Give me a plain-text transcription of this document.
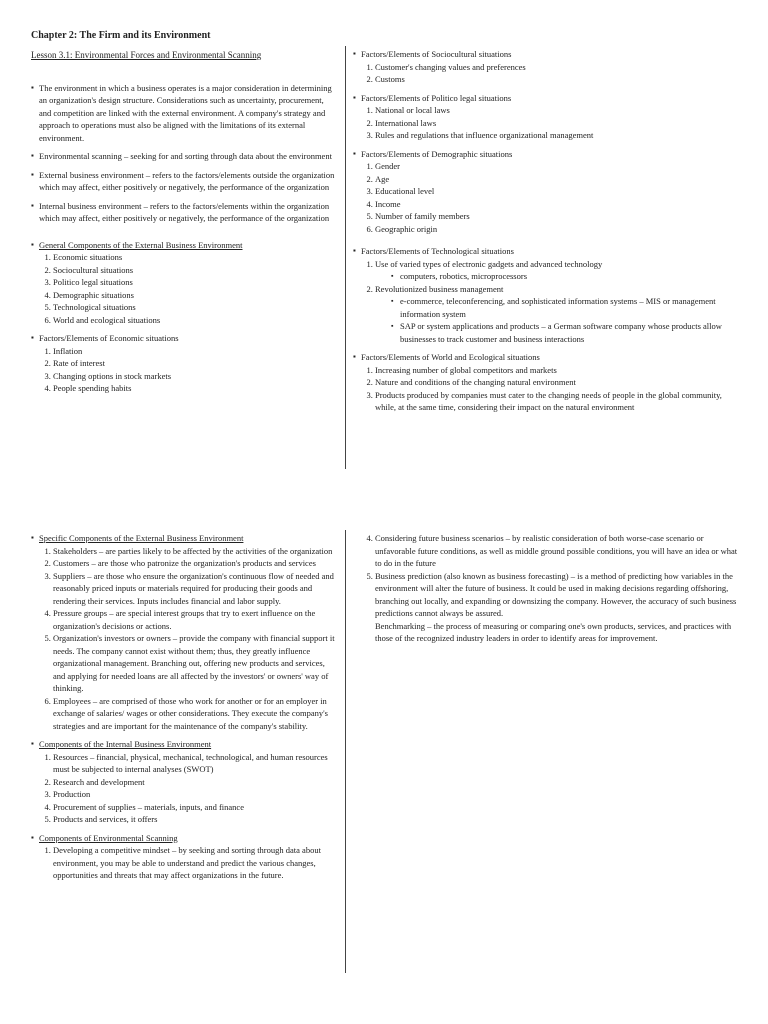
Chapter 2: The Firm and its Environment
Lesson 3.1: Environmental Forces and Environmental Scanning

▪ The environment in which a business operates is a major consideration in determining an organization's design structure. Considerations such as uncertainty, procurement, and competition are linked with the external environment. A company's strategy and approach to operations must also be aligned with the limitations of its external environment.

▪ Environmental scanning – seeking for and sorting through data about the environment

▪ External business environment – refers to the factors/elements outside the organization which may affect, either positively or negatively, the performance of the organization

▪ Internal business environment – refers to the factors/elements within the organization which may affect, either positively or negatively, the performance of the organization

▪ General Components of the External Business Environment

1. Economic situations
2. Sociocultural situations
3. Politico legal situations
4. Demographic situations
5. Technological situations
6. World and ecological situations

▪ Factors/Elements of Economic situations

1. Inflation
2. Rate of interest
3. Changing options in stock markets
4. People spending habits

▪ Factors/Elements of Sociocultural situations

1. Customer's changing values and preferences
2. Customs

▪ Factors/Elements of Politico legal situations

1. National or local laws
2. International laws
3. Rules and regulations that influence organizational management

▪ Factors/Elements of Demographic situations

1. Gender
2. Age
3. Educational level
4. Income
5. Number of family members
6. Geographic origin

▪ Factors/Elements of Technological situations

1. Use of varied types of electronic gadgets and advanced technology
▪ computers, robotics, microprocessors
2. Revolutionized business management
▪ e-commerce, teleconferencing, and sophisticated information systems – MIS or management information system
▪ SAP or system applications and products – a German software company whose products allow businesses to track customer and business interactions

▪ Factors/Elements of World and Ecological situations

1. Increasing number of global competitors and markets
2. Nature and conditions of the changing natural environment
3. Products produced by companies must cater to the changing needs of people in the global community, while, at the same time, considering their impact on the natural environment

▪ Specific Components of the External Business Environment

1. Stakeholders – are parties likely to be affected by the activities of the organization
2. Customers – are those who patronize the organization's products and services
3. Suppliers – are those who ensure the organization's continuous flow of needed and reasonably priced inputs or materials required for producing their goods and rendering their services. Inputs includes financial and labor supply.
4. Pressure groups – are special interest groups that try to exert influence on the organization's decisions or actions.
5. Organization's investors or owners – provide the company with financial support it needs. The company cannot exist without them; thus, they greatly influence organizational management. Branching out, offering new products and services, and applying for needed loans are all affected by the investors' or owners' way of thinking.
6. Employees – are comprised of those who work for another or for an employer in exchange of salaries/ wages or other considerations. They execute the company's strategies and are important for the maintenance of the company's stability.

▪ Components of the Internal Business Environment

1. Resources – financial, physical, mechanical, technological, and human resources must be subjected to internal analyses (SWOT)
2. Research and development
3. Production
4. Procurement of supplies – materials, inputs, and finance
5. Products and services, it offers

▪ Components of Environmental Scanning

1. Developing a competitive mindset – by seeking and sorting through data about environment, you may be able to understand and predict the various changes, opportunities and threats that may affect organizations in the future.
4. Considering future business scenarios – by realistic consideration of both worse-case scenario or unfavorable future conditions, as well as middle ground possible conditions, you will have an idea or what to do in the future
5. Business prediction (also known as business forecasting) – is a method of predicting how variables in the environment will alter the future of business. It could be used in making decisions regarding offshoring, branching out locally, and expanding or downsizing the company. However, the accuracy of such business predictions cannot always be assured.
Benchmarking – the process of measuring or comparing one's own products, services, and practices with those of the recognized industry leaders in order to identify areas for improvement.
